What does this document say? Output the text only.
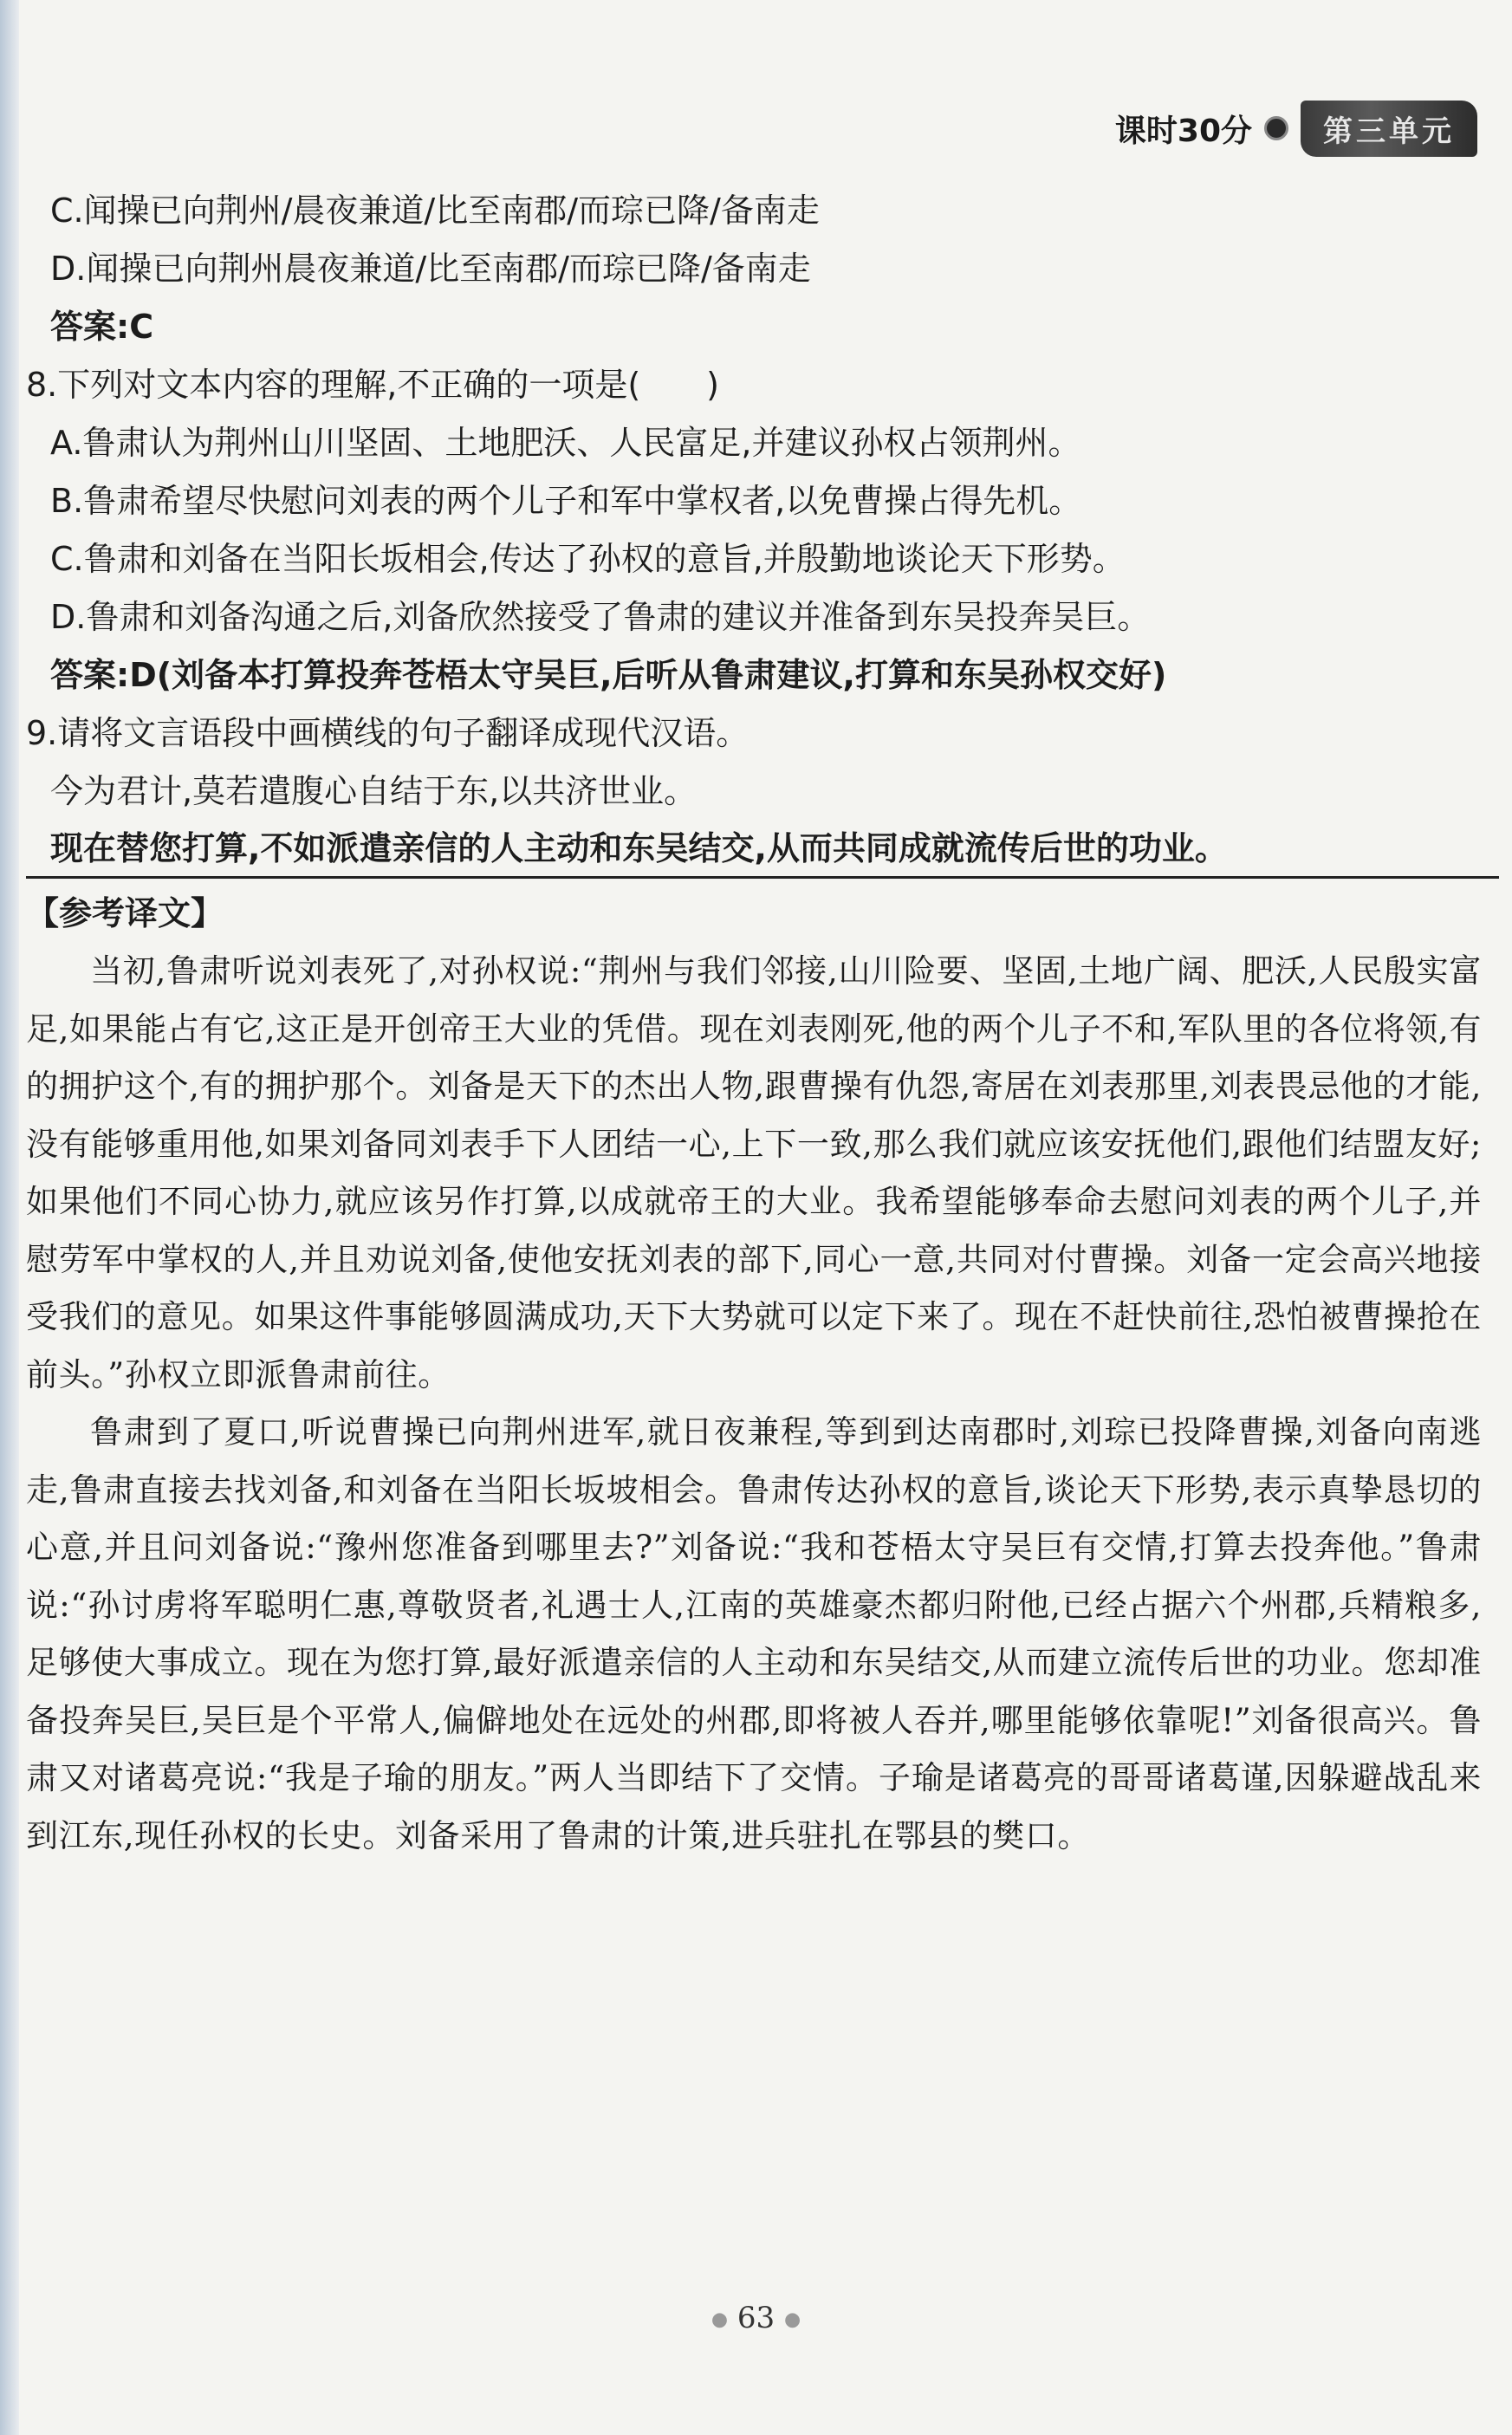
课时30分	第三单元
C.闻操已向荆州/晨夜兼道/比至南郡/而琮已降/备南走
D.闻操已向荆州晨夜兼道/比至南郡/而琮已降/备南走
答案:C
8.下列对文本内容的理解,不正确的一项是(　　)
A.鲁肃认为荆州山川坚固、土地肥沃、人民富足,并建议孙权占领荆州。
B.鲁肃希望尽快慰问刘表的两个儿子和军中掌权者,以免曹操占得先机。
C.鲁肃和刘备在当阳长坂相会,传达了孙权的意旨,并殷勤地谈论天下形势。
D.鲁肃和刘备沟通之后,刘备欣然接受了鲁肃的建议并准备到东吴投奔吴巨。
答案:D(刘备本打算投奔苍梧太守吴巨,后听从鲁肃建议,打算和东吴孙权交好)
9.请将文言语段中画横线的句子翻译成现代汉语。
今为君计,莫若遣腹心自结于东,以共济世业。
现在替您打算,不如派遣亲信的人主动和东吴结交,从而共同成就流传后世的功业。
【参考译文】

当初,鲁肃听说刘表死了,对孙权说:“荆州与我们邻接,山川险要、坚固,土地广阔、肥沃,人民殷实富足,如果能占有它,这正是开创帝王大业的凭借。现在刘表刚死,他的两个儿子不和,军队里的各位将领,有的拥护这个,有的拥护那个。刘备是天下的杰出人物,跟曹操有仇怨,寄居在刘表那里,刘表畏忌他的才能,没有能够重用他,如果刘备同刘表手下人团结一心,上下一致,那么我们就应该安抚他们,跟他们结盟友好;如果他们不同心协力,就应该另作打算,以成就帝王的大业。我希望能够奉命去慰问刘表的两个儿子,并慰劳军中掌权的人,并且劝说刘备,使他安抚刘表的部下,同心一意,共同对付曹操。刘备一定会高兴地接受我们的意见。如果这件事能够圆满成功,天下大势就可以定下来了。现在不赶快前往,恐怕被曹操抢在前头。”孙权立即派鲁肃前往。

鲁肃到了夏口,听说曹操已向荆州进军,就日夜兼程,等到到达南郡时,刘琮已投降曹操,刘备向南逃走,鲁肃直接去找刘备,和刘备在当阳长坂坡相会。鲁肃传达孙权的意旨,谈论天下形势,表示真挚恳切的心意,并且问刘备说:“豫州您准备到哪里去?”刘备说:“我和苍梧太守吴巨有交情,打算去投奔他。”鲁肃说:“孙讨虏将军聪明仁惠,尊敬贤者,礼遇士人,江南的英雄豪杰都归附他,已经占据六个州郡,兵精粮多,足够使大事成立。现在为您打算,最好派遣亲信的人主动和东吴结交,从而建立流传后世的功业。您却准备投奔吴巨,吴巨是个平常人,偏僻地处在远处的州郡,即将被人吞并,哪里能够依靠呢!”刘备很高兴。鲁肃又对诸葛亮说:“我是子瑜的朋友。”两人当即结下了交情。子瑜是诸葛亮的哥哥诸葛谨,因躲避战乱来到江东,现任孙权的长史。刘备采用了鲁肃的计策,进兵驻扎在鄂县的樊口。

● 63 ●
